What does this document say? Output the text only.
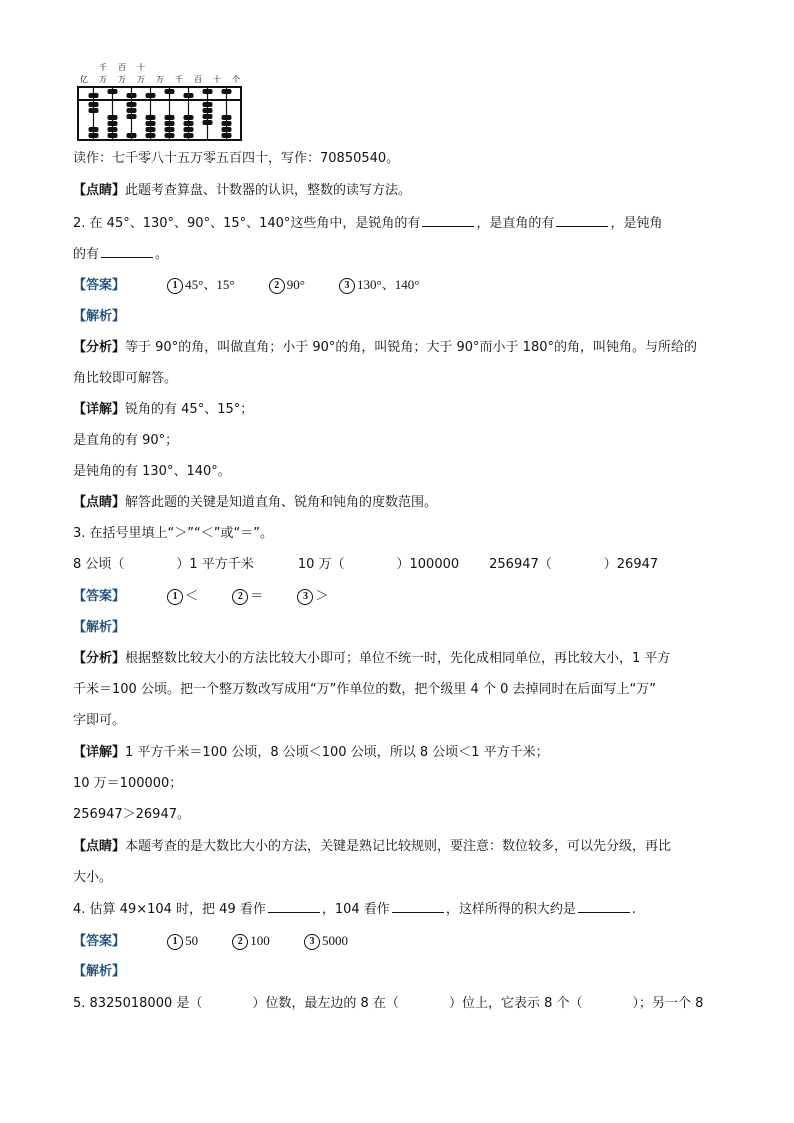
千 百 十
亿 万 万 万 万 千 百 十 个
读作：七千零八十五万零五百四十，写作：70850540。
【点睛】此题考查算盘、计数器的认识，整数的读写方法。
2. 在 45°、130°、90°、15°、140°这些角中，是锐角的有	，是直角的有	，是钝角
的有	。
【答案】	1 45°、15°	2 90°	3 130°、140°
【解析】
【分析】等于 90°的角，叫做直角；小于 90°的角，叫锐角；大于 90°而小于 180°的角，叫钝角。与所给的
角比较即可解答。
【详解】锐角的有 45°、15°；
是直角的有 90°；
是钝角的有 130°、140°。
【点睛】解答此题的关键是知道直角、锐角和钝角的度数范围。
3. 在括号里填上“＞”“＜”或“＝”。
8 公顷（	）1 平方千米	10 万（	）100000 256947（	）26947
【答案】	1 ＜	2 ＝	3 ＞
【解析】
【分析】根据整数比较大小的方法比较大小即可；单位不统一时，先化成相同单位，再比较大小，1 平方
千米＝100 公顷。把一个整万数改写成用“万”作单位的数，把个级里 4 个 0 去掉同时在后面写上“万”
字即可。
【详解】1 平方千米＝100 公顷，8 公顷＜100 公顷，所以 8 公顷＜1 平方千米；
10 万＝100000；
256947＞26947。
【点睛】本题考查的是大数比大小的方法，关键是熟记比较规则，要注意：数位较多，可以先分级，再比
大小。
4. 估算 49×104 时，把 49 看作	，104 看作	，这样所得的积大约是	.
【答案】	1 50	2 100	3 5000
【解析】
5. 8325018000 是（	）位数，最左边的 8 在（	）位上，它表示 8 个（	）；另一个 8
